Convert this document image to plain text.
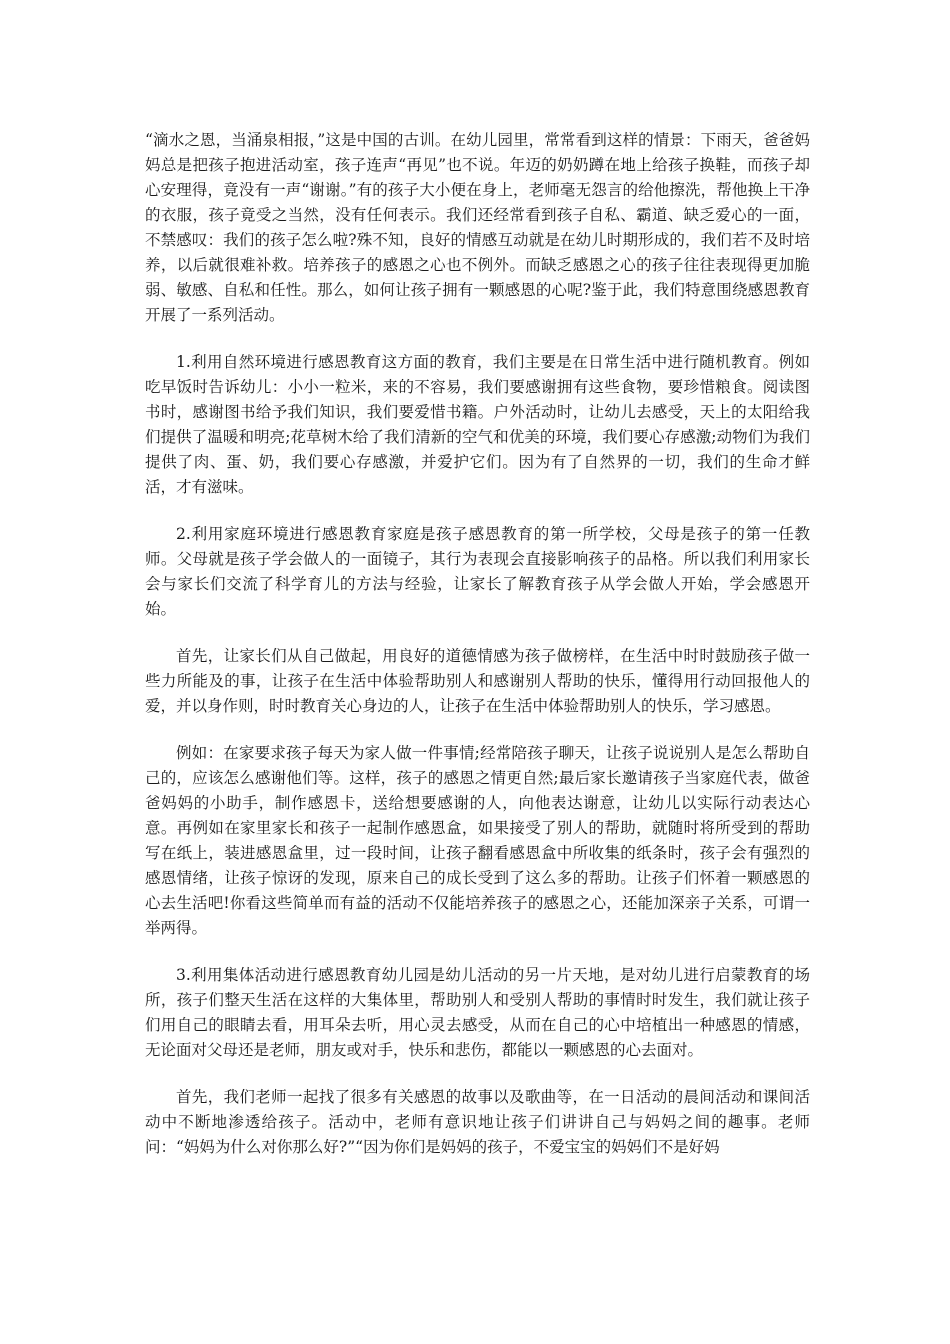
“滴水之恩，当涌泉相报，”这是中国的古训。在幼儿园里，常常看到这样的情景：下雨天，爸爸妈妈总是把孩子抱进活动室，孩子连声“再见”也不说。年迈的奶奶蹲在地上给孩子换鞋，而孩子却心安理得，竟没有一声“谢谢。”有的孩子大小便在身上，老师毫无怨言的给他擦洗，帮他换上干净的衣服，孩子竟受之当然，没有任何表示。我们还经常看到孩子自私、霸道、缺乏爱心的一面，不禁感叹：我们的孩子怎么啦?殊不知，良好的情感互动就是在幼儿时期形成的，我们若不及时培养，以后就很难补救。培养孩子的感恩之心也不例外。而缺乏感恩之心的孩子往往表现得更加脆弱、敏感、自私和任性。那么，如何让孩子拥有一颗感恩的心呢?鉴于此，我们特意围绕感恩教育开展了一系列活动。

1.利用自然环境进行感恩教育这方面的教育，我们主要是在日常生活中进行随机教育。例如吃早饭时告诉幼儿：小小一粒米，来的不容易，我们要感谢拥有这些食物，要珍惜粮食。阅读图书时，感谢图书给予我们知识，我们要爱惜书籍。户外活动时，让幼儿去感受，天上的太阳给我们提供了温暖和明亮;花草树木给了我们清新的空气和优美的环境，我们要心存感激;动物们为我们提供了肉、蛋、奶，我们要心存感激，并爱护它们。因为有了自然界的一切，我们的生命才鲜活，才有滋味。

2.利用家庭环境进行感恩教育家庭是孩子感恩教育的第一所学校，父母是孩子的第一任教师。父母就是孩子学会做人的一面镜子，其行为表现会直接影响孩子的品格。所以我们利用家长会与家长们交流了科学育儿的方法与经验，让家长了解教育孩子从学会做人开始，学会感恩开始。

首先，让家长们从自己做起，用良好的道德情感为孩子做榜样，在生活中时时鼓励孩子做一些力所能及的事，让孩子在生活中体验帮助别人和感谢别人帮助的快乐，懂得用行动回报他人的爱，并以身作则，时时教育关心身边的人，让孩子在生活中体验帮助别人的快乐，学习感恩。

例如：在家要求孩子每天为家人做一件事情;经常陪孩子聊天，让孩子说说别人是怎么帮助自己的，应该怎么感谢他们等。这样，孩子的感恩之情更自然;最后家长邀请孩子当家庭代表，做爸爸妈妈的小助手，制作感恩卡，送给想要感谢的人，向他表达谢意，让幼儿以实际行动表达心意。再例如在家里家长和孩子一起制作感恩盒，如果接受了别人的帮助，就随时将所受到的帮助写在纸上，装进感恩盒里，过一段时间，让孩子翻看感恩盒中所收集的纸条时，孩子会有强烈的感恩情绪，让孩子惊讶的发现，原来自己的成长受到了这么多的帮助。让孩子们怀着一颗感恩的心去生活吧!你看这些简单而有益的活动不仅能培养孩子的感恩之心，还能加深亲子关系，可谓一举两得。

3.利用集体活动进行感恩教育幼儿园是幼儿活动的另一片天地，是对幼儿进行启蒙教育的场所，孩子们整天生活在这样的大集体里，帮助别人和受别人帮助的事情时时发生，我们就让孩子们用自己的眼睛去看，用耳朵去听，用心灵去感受，从而在自己的心中培植出一种感恩的情感，无论面对父母还是老师，朋友或对手，快乐和悲伤，都能以一颗感恩的心去面对。

首先，我们老师一起找了很多有关感恩的故事以及歌曲等，在一日活动的晨间活动和课间活动中不断地渗透给孩子。活动中，老师有意识地让孩子们讲讲自己与妈妈之间的趣事。老师问：“妈妈为什么对你那么好?”“因为你们是妈妈的孩子，不爱宝宝的妈妈们不是好妈
